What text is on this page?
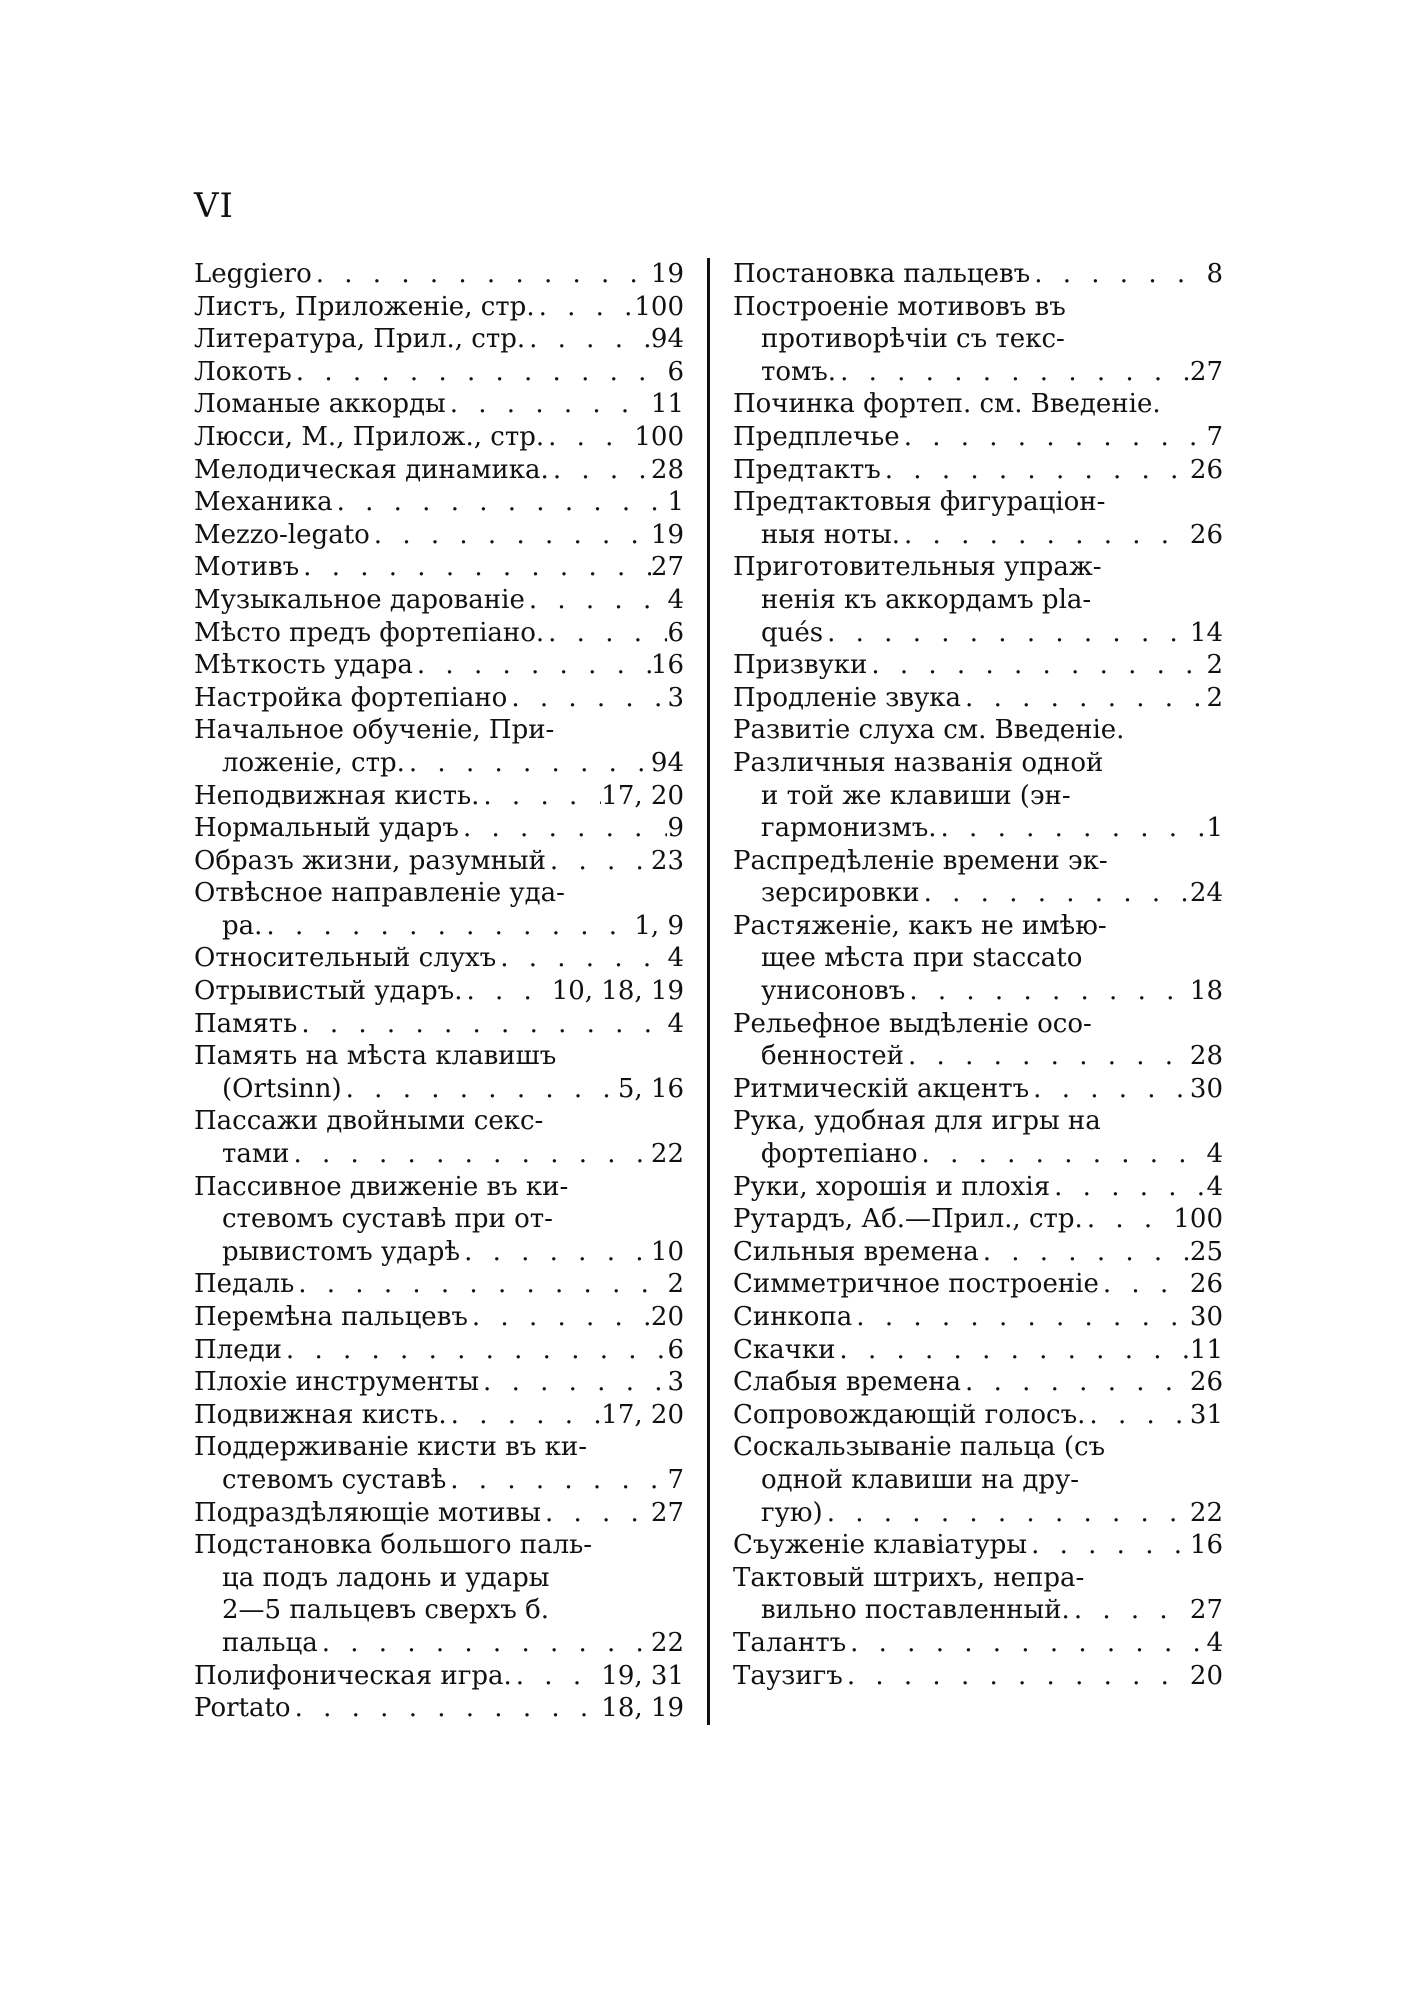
VI
Leggiero . . .	19
Листъ, Приложеніе, стр. . . .	100
Литература, Прил., стр. . . .	94
Локоть . . .	6
Ломаные аккорды . . .	11
Люсси, М., Прилож., стр. . . .	100
Мелодическая динамика. . . .	28
Механика . . .	1
Mezzo-legato . . .	19
Мотивъ . . .	27
Музыкальное дарованіе . . .	4
Мѣсто предъ фортепіано. . . .	6
Мѣткость удара . . .	16
Настройка фортепіано . . .	3
Начальное обученіе, При-
ложеніе, стр. . . .	94
Неподвижная кисть. . . .	17, 20
Нормальный ударъ . . .	9
Образъ жизни, разумный . . .	23
Отвѣсное направленіе уда-
ра. . . .	1, 9
Относительный слухъ . . .	4
Отрывистый ударъ. . . .	10, 18, 19
Память . . .	4
Память на мѣста клавишъ
(Ortsinn) . . .	5, 16
Пассажи двойными секс-
тами . . .	22
Пассивное движеніе въ ки-
стевомъ суставѣ при от-
рывистомъ ударѣ . . .	10
Педаль . . .	2
Перемѣна пальцевъ . . .	20
Пледи . . .	6
Плохіе инструменты . . .	3
Подвижная кисть. . . .	17, 20
Поддерживаніе кисти въ ки-
стевомъ суставѣ . . .	7
Подраздѣляющіе мотивы . . .	27
Подстановка большого паль-
ца подъ ладонь и удары
2—5 пальцевъ сверхъ б.
пальца . . .	22
Полифоническая игра. . . .	19, 31
Portato . . .	18, 19
Постановка пальцевъ . . .	8
Построеніе мотивовъ въ
противорѣчіи съ текс-
томъ. . . .	27
Починка фортеп. см. Введеніе.
Предплечье . . .	7
Предтактъ . . .	26
Предтактовыя фигураціон-
ныя ноты. . . .	26
Приготовительныя упраж-
ненія къ аккордамъ pla-
qués . . .	14
Призвуки . . .	2
Продленіе звука . . .	2
Развитіе слуха см. Введеніе.
Различныя названія одной
и той же клавиши (эн-
гармонизмъ. . . .	1
Распредѣленіе времени эк-
зерсировки . . .	24
Растяженіе, какъ не имѣю-
щее мѣста при staccato
унисоновъ . . .	18
Рельефное выдѣленіе осо-
бенностей . . .	28
Ритмическій акцентъ . . .	30
Рука, удобная для игры на
фортепіано . . .	4
Руки, хорошія и плохія . . .	4
Рутардъ, Аб.—Прил., стр. . . .	100
Сильныя времена . . .	25
Симметричное построеніе . . .	26
Синкопа . . .	30
Скачки . . .	11
Слабыя времена . . .	26
Сопровождающій голосъ. . . .	31
Соскальзываніе пальца (съ
одной клавиши на дру-
гую) . . .	22
Съуженіе клавіатуры . . .	16
Тактовый штрихъ, непра-
вильно поставленный. . . .	27
Талантъ . . .	4
Таузигъ . . .	20
